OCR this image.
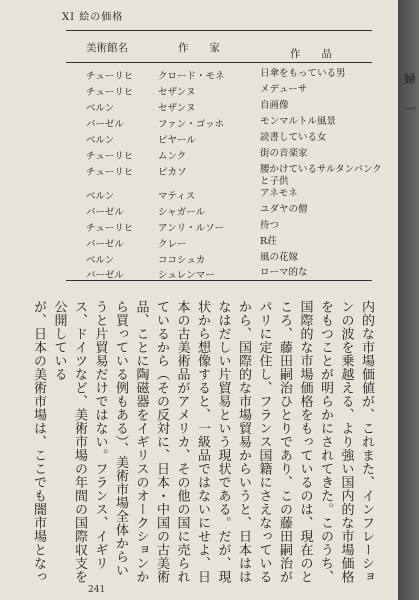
XI 絵の価格
美術館名	作　　家	作　　品
チューリヒ	クロード・モネ	日傘をもっている男
チューリヒ	セザンヌ	メデューサ
ベルン	セザンヌ	自画像
バーゼル	ファン・ゴッホ	モンマルトル風景
ベルン	ピヤール	読書している女
チューリヒ	ムンク	街の音楽家
チューリヒ	ピカソ	腰かけているサルタンバンクと子供
ベルン	マティス	アネモネ
バーゼル	シャガール	ユダヤの僧
チューリヒ	アンリ・ルソー	待つ
バーゼル	クレー	R荘
ベルン	ココシュカ	風の花嫁
バーゼル	シュレンマー	ローマ的な

内的な市場価値が、これまた、インフレーションの波を乗越える、より強い国内的な市場価格をもつことが明らかにされてきた。このうち、国際的な市場価格をもっているのは、現在のところ、藤田嗣治ひとりであり、この藤田嗣治がパリに定住し、フランス国籍にさえなっているから、国際的な市場貿易からいうと、日本ははなはだしい片貿易という現状である。だが、現状から想像すると、一級品ではないにせよ、日本の古美術品がアメリカ、その他の国に売られているから（その反対に、日本・中国の古美術品、ことに陶磁器をイギリスのオークションから買っている例もある）、美術市場全体からいうと片貿易だけではない。フランス、イギリス、ドイツなど、美術市場の年間の国際収支を公開している

が、日本の美術市場は、ここでも闇市場となっ

241
婦
一
